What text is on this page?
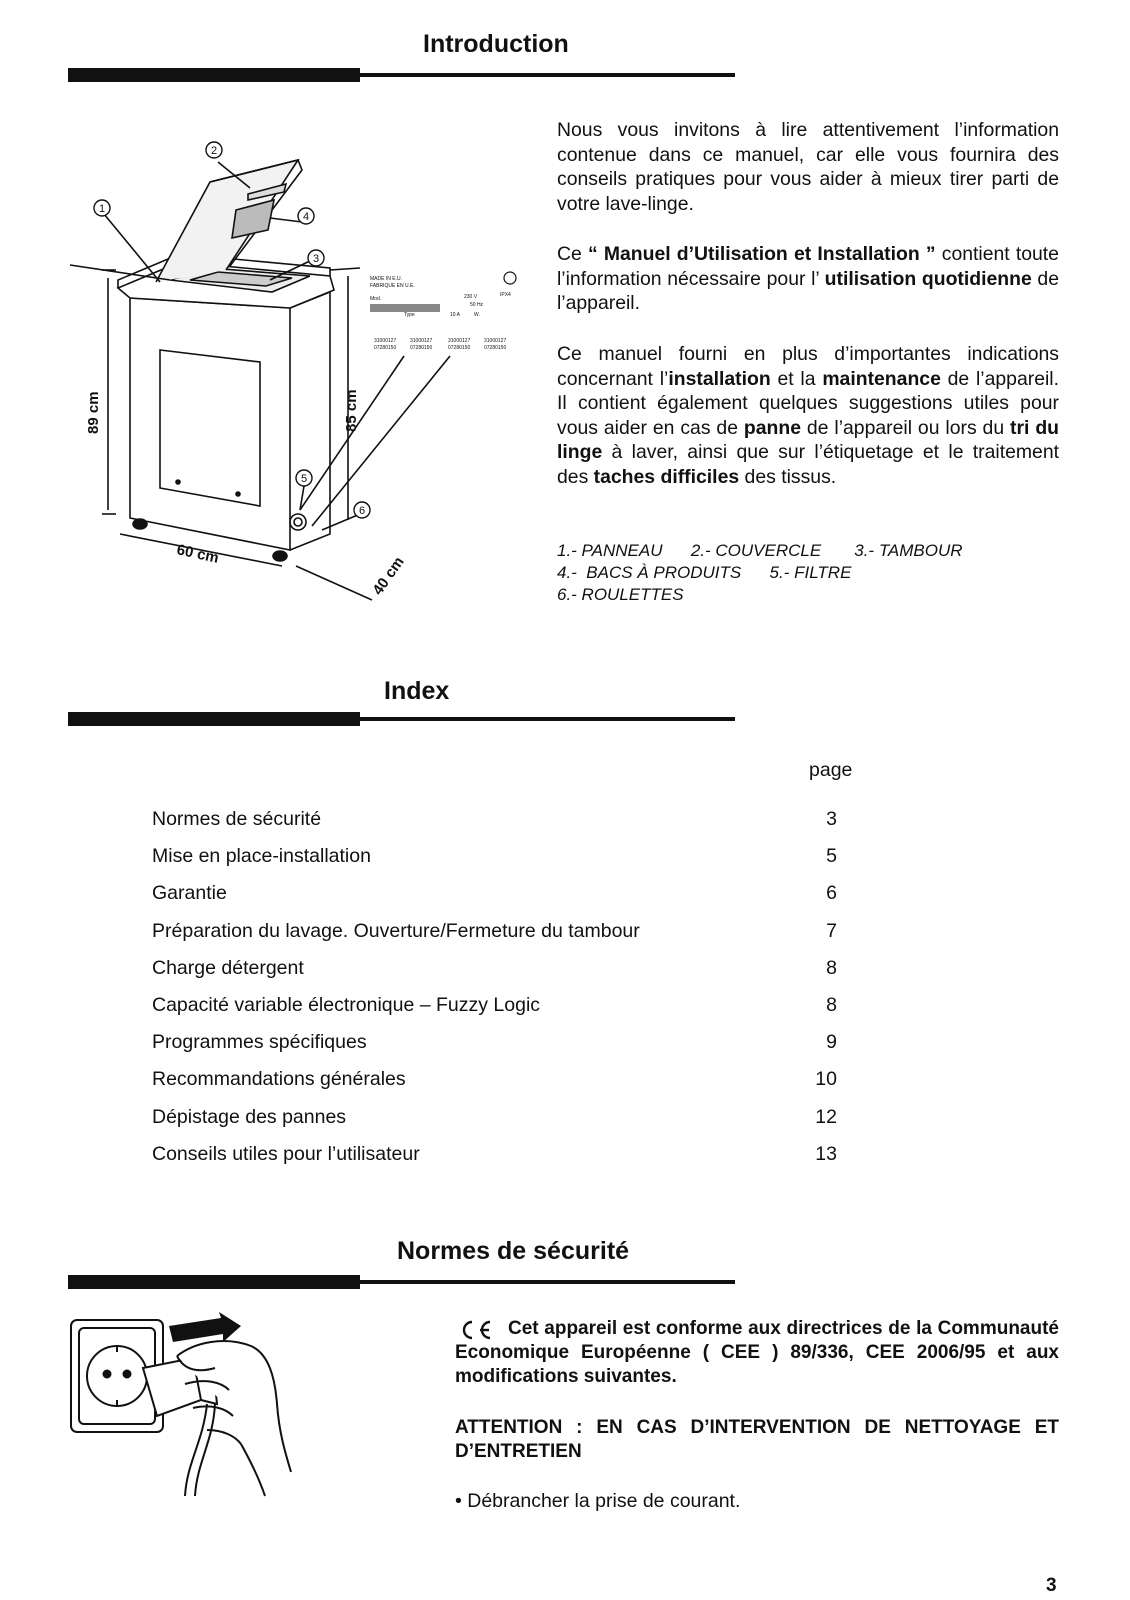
Introduction
1
2
3
4
5
6
89 cm	85 cm
60 cm	40 cm
MADE IN E.U.
FABRIQUE EN U.E.
Mod.	230 V	IPX4
50 Hz
Type	10 A	W.
31000127	31000127	31000127	31000127
07280150	07280150	07280150	07280150
Nous vous invitons à lire attentivement l’information contenue dans ce manuel, car elle vous fournira des conseils pratiques pour vous aider à mieux tirer parti de votre lave-linge.
Ce “ Manuel d’Utilisation et Installation ” contient toute l’information nécessaire pour l’ utilisation quotidienne de l’appareil.
Ce manuel fourni en plus d’importantes indications concernant l’installation et la maintenance de l’appareil. Il contient également quelques suggestions utiles pour vous aider en cas de panne de l’appareil ou lors du tri du linge à laver, ainsi que sur l’étiquetage et le traitement des taches difficiles des tissus.
1.- PANNEAU      2.- COUVERCLE       3.- TAMBOUR
4.-  BACS À PRODUITS      5.- FILTRE
6.- ROULETTES
Index
page
Normes de sécurité	3
Mise en place-installation	5
Garantie	6
Préparation du lavage. Ouverture/Fermeture du tambour	7
Charge détergent	8
Capacité variable électronique – Fuzzy Logic	8
Programmes spécifiques	9
Recommandations générales	10
Dépistage des pannes	12
Conseils utiles pour l’utilisateur	13
Normes de sécurité
Cet appareil est conforme aux directrices de la Communauté Economique Européenne ( CEE ) 89/336, CEE 2006/95 et aux modifications suivantes.
ATTENTION : EN CAS D’INTERVENTION DE NETTOYAGE ET D’ENTRETIEN
• Débrancher la prise de courant.
3
